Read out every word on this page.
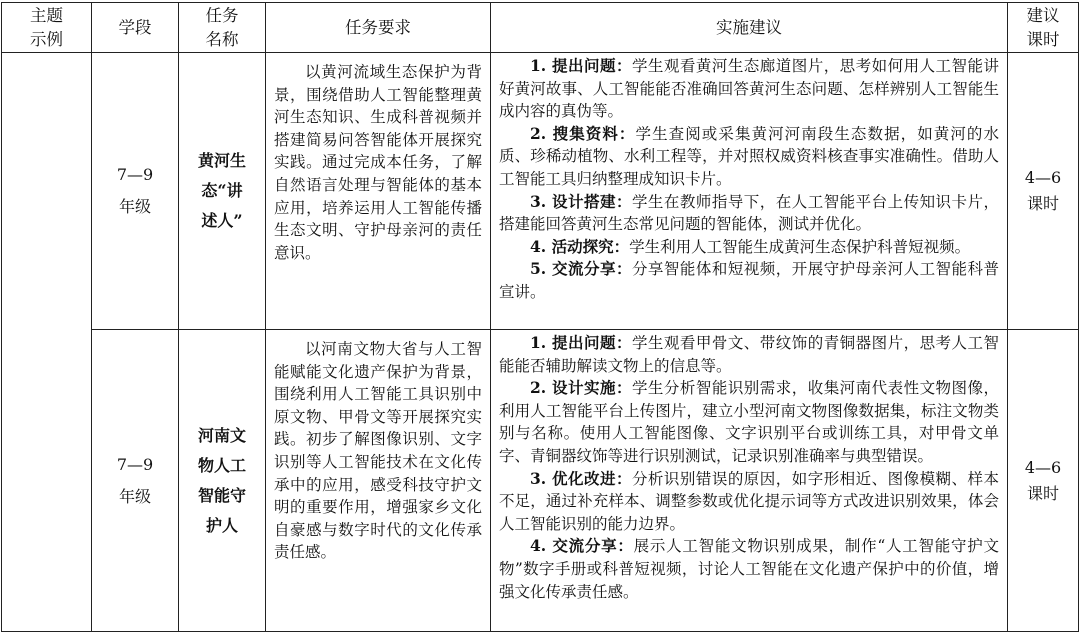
主题示例	学段	任务名称	任务要求	实施建议	建议课时

	7—9年级	黄河生态“讲述人”	以黄河流域生态保护为背景，围绕借助人工智能整理黄河生态知识、生成科普视频并搭建简易问答智能体开展探究实践。通过完成本任务，了解自然语言处理与智能体的基本应用，培养运用人工智能传播生态文明、守护母亲河的责任意识。	1. 提出问题：学生观看黄河生态廊道图片，思考如何用人工智能讲好黄河故事、人工智能能否准确回答黄河生态问题、怎样辨别人工智能生成内容的真伪等。

2. 搜集资料：学生查阅或采集黄河河南段生态数据，如黄河的水质、珍稀动植物、水利工程等，并对照权威资料核查事实准确性。借助人工智能工具归纳整理成知识卡片。

3. 设计搭建：学生在教师指导下，在人工智能平台上传知识卡片，搭建能回答黄河生态常见问题的智能体，测试并优化。

4. 活动探究：学生利用人工智能生成黄河生态保护科普短视频。

5. 交流分享：分享智能体和短视频，开展守护母亲河人工智能科普宣讲。	4—6课时

	7—9年级	河南文物人工智能守护人	以河南文物大省与人工智能赋能文化遗产保护为背景，围绕利用人工智能工具识别中原文物、甲骨文等开展探究实践。初步了解图像识别、文字识别等人工智能技术在文化传承中的应用，感受科技守护文明的重要作用，增强家乡文化自豪感与数字时代的文化传承责任感。	1. 提出问题：学生观看甲骨文、带纹饰的青铜器图片，思考人工智能能否辅助解读文物上的信息等。

2. 设计实施：学生分析智能识别需求，收集河南代表性文物图像，利用人工智能平台上传图片，建立小型河南文物图像数据集，标注文物类别与名称。使用人工智能图像、文字识别平台或训练工具，对甲骨文单字、青铜器纹饰等进行识别测试，记录识别准确率与典型错误。

3. 优化改进：分析识别错误的原因，如字形相近、图像模糊、样本不足，通过补充样本、调整参数或优化提示词等方式改进识别效果，体会人工智能识别的能力边界。

4. 交流分享：展示人工智能文物识别成果，制作“人工智能守护文物”数字手册或科普短视频，讨论人工智能在文化遗产保护中的价值，增强文化传承责任感。	4—6课时
